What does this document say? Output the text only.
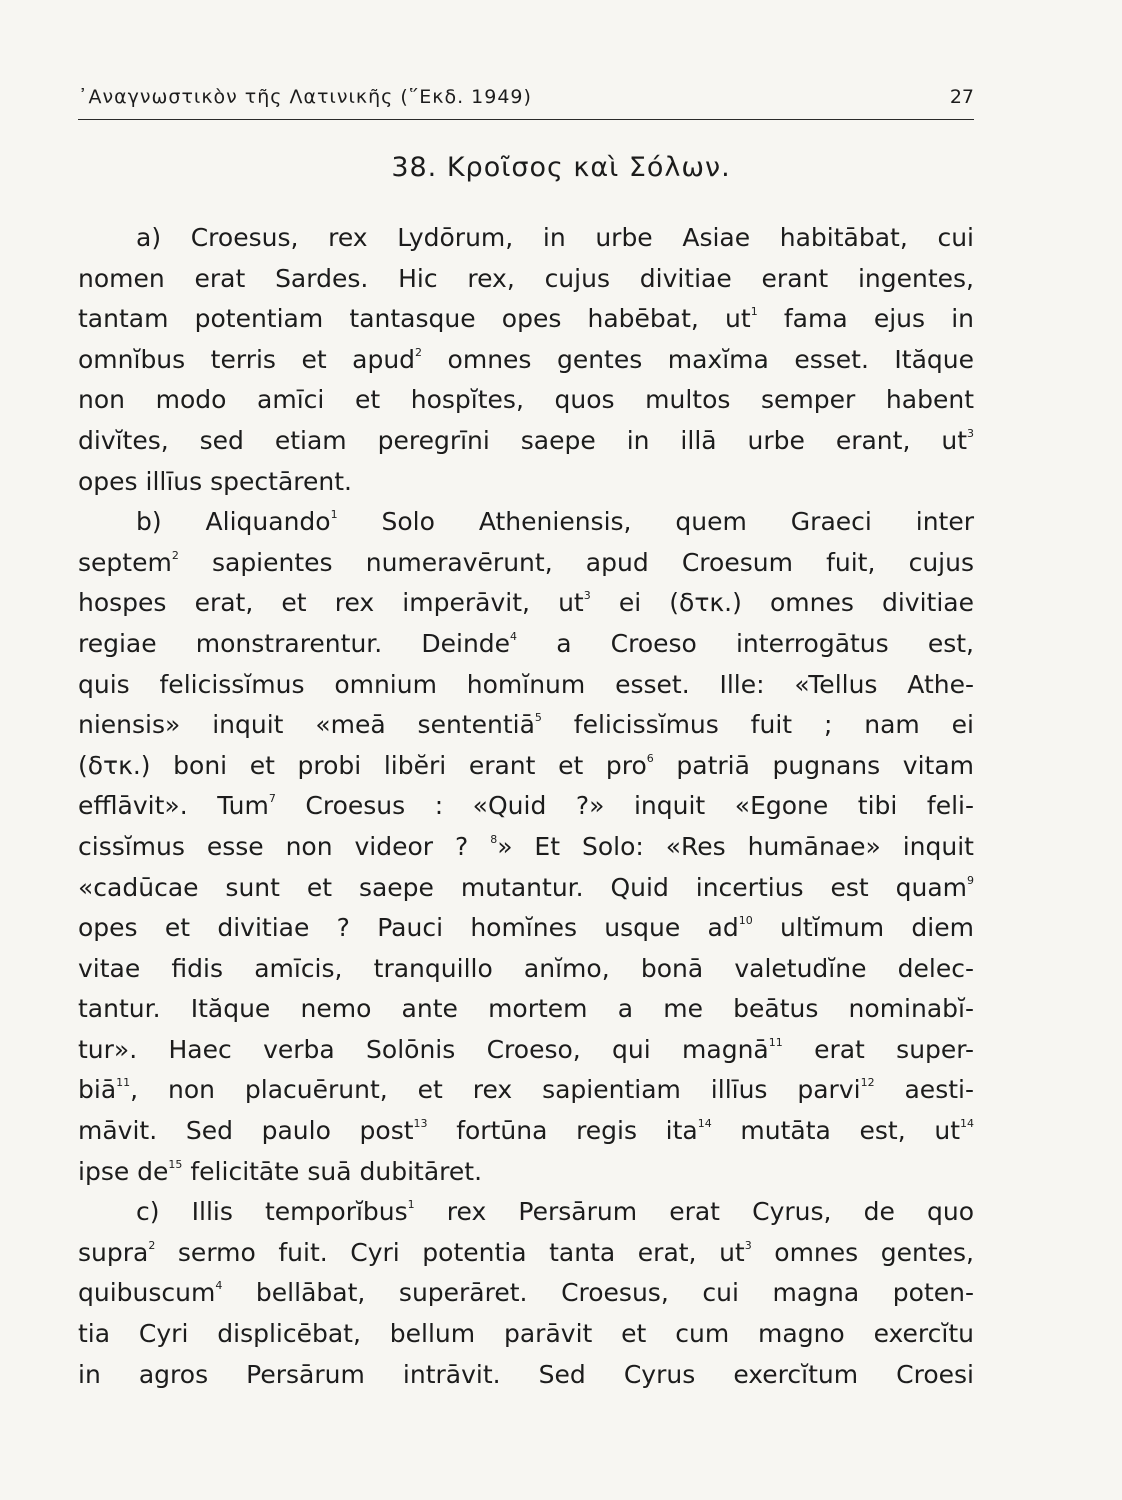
᾽Αναγνωστικὸν τῆς Λατινικῆς (῞Εκδ. 1949)	27
38. Κροῖσος καὶ Σόλων.
a) Croesus, rex Lydōrum, in urbe Asiae habitābat, cui
nomen erat Sardes. Hic rex, cujus divitiae erant ingentes,
tantam potentiam tantasque opes habēbat, $ut^1$ fama ejus in
omnĭbus terris et apud$^2$ omnes gentes maxĭma esset. Ităque
non modo amīci et hospĭtes, quos multos semper habent
divĭtes, sed etiam peregrīni saepe in illā urbe erant, $ut^3$
opes illīus spectārent.
b) Aliquando$^1$ Solo Atheniensis, quem Graeci inter
septem$^2$ sapientes numeravērunt, apud Croesum fuit, cujus
hospes erat, et rex imperāvit, $ut^3$ ei (δτκ.) omnes divitiae
regiae monstrarentur. Deinde$^4$ a Croeso interrogātus est,
quis felicissĭmus omnium homĭnum esset. Ille: «Tellus Athe-
niensis» inquit «meā sententiā$^5$ felicissĭmus fuit ; nam ei
(δτκ.) boni et probi libĕri erant et pro$^6$ patriā pugnans vitam
efflāvit». Tum$^7$ Croesus : «Quid ?» inquit «Egone tibi feli-
cissĭmus esse non videor ? $^8$» Et Solo: «Res humānae» inquit
«cadūcae sunt et saepe mutantur. Quid incertius est quam$^9$
opes et divitiae ? Pauci homĭnes usque $ad^{10}$ ultĭmum diem
vitae fidis amīcis, tranquillo anĭmo, bonā valetudĭne delec-
tantur. Ităque nemo ante mortem a me beātus nominabĭ-
tur». Haec verba Solōnis Croeso, qui magnā$^{11}$ erat super-
biā$^{11}$, non placuērunt, et rex sapientiam illīus parvi$^{12}$ aesti-
māvit. Sed paulo post$^{13}$ fortūna regis ita$^{14}$ mutāta est, $ut^{14}$
ipse $de^{15}$ felicitāte suā dubitāret.
c) Illis temporĭbus$^1$ rex Persārum erat Cyrus, de quo
supra$^2$ sermo fuit. Cyri potentia tanta erat, $ut^3$ omnes gentes,
quibuscum$^4$ bellābat, superāret. Croesus, cui magna poten-
tia Cyri displicēbat, bellum parāvit et cum magno exercĭtu
in agros Persārum intrāvit. Sed Cyrus exercĭtum Croesi
